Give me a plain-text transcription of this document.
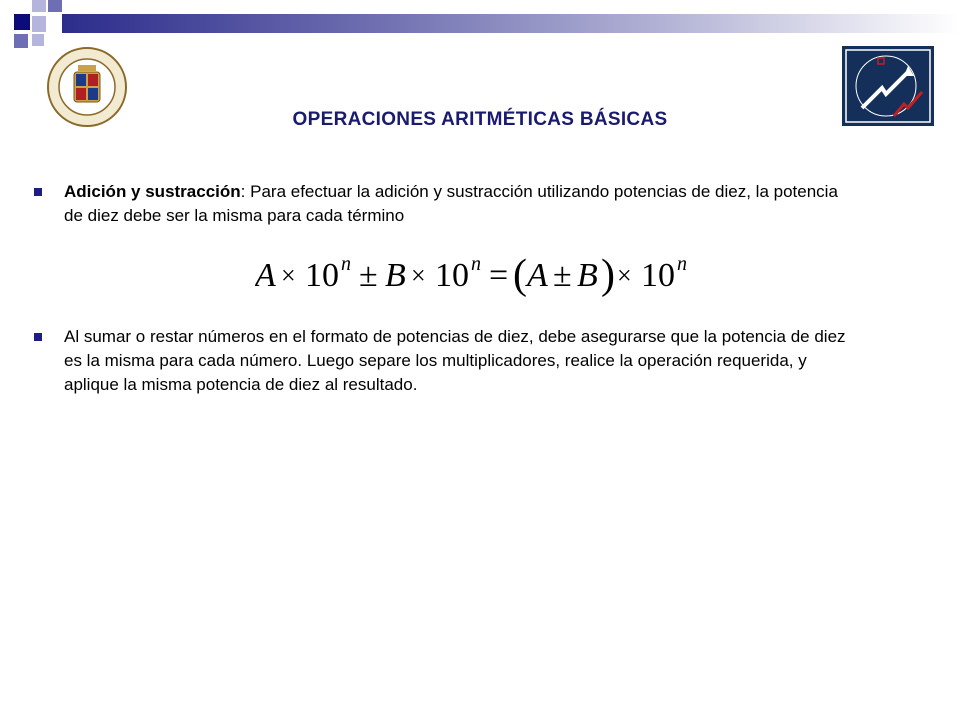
OPERACIONES ARITMÉTICAS BÁSICAS
Adición y sustracción: Para efectuar la adición y sustracción utilizando potencias de diez, la potencia de diez debe ser la misma para cada término
A × 10 n ± B × 10 n = ( A ± B ) × 10 n
Al sumar o restar números en el formato de potencias de diez, debe asegurarse que la potencia de diez es la misma para cada número. Luego separe los multiplicadores, realice la operación requerida, y aplique la misma potencia de diez al resultado.
